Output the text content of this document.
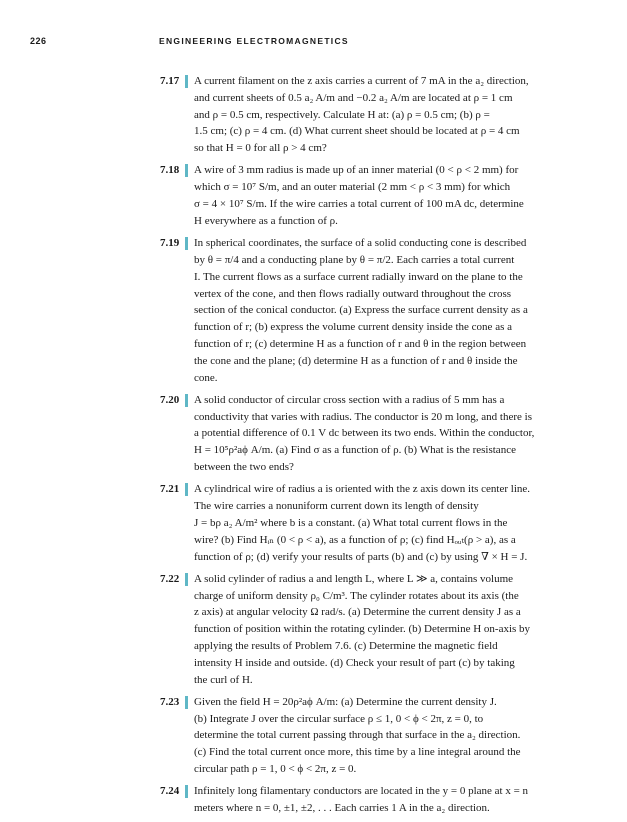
226	ENGINEERING ELECTROMAGNETICS
7.17 A current filament on the z axis carries a current of 7 mA in the a₂ direction,
and current sheets of 0.5 a₂ A/m and −0.2 a₂ A/m are located at ρ = 1 cm
and ρ = 0.5 cm, respectively. Calculate H at: (a) ρ = 0.5 cm; (b) ρ =
1.5 cm; (c) ρ = 4 cm. (d) What current sheet should be located at ρ = 4 cm
so that H = 0 for all ρ > 4 cm?
7.18 A wire of 3 mm radius is made up of an inner material (0 < ρ < 2 mm) for
which σ = 10⁷ S/m, and an outer material (2 mm < ρ < 3 mm) for which
σ = 4 × 10⁷ S/m. If the wire carries a total current of 100 mA dc, determine
H everywhere as a function of ρ.
7.19 In spherical coordinates, the surface of a solid conducting cone is described
by θ = π/4 and a conducting plane by θ = π/2. Each carries a total current
I. The current flows as a surface current radially inward on the plane to the
vertex of the cone, and then flows radially outward throughout the cross
section of the conical conductor. (a) Express the surface current density as a
function of r; (b) express the volume current density inside the cone as a
function of r; (c) determine H as a function of r and θ in the region between
the cone and the plane; (d) determine H as a function of r and θ inside the
cone.
7.20 A solid conductor of circular cross section with a radius of 5 mm has a
conductivity that varies with radius. The conductor is 20 m long, and there is
a potential difference of 0.1 V dc between its two ends. Within the conductor,
H = 10⁵ρ²aϕ A/m. (a) Find σ as a function of ρ. (b) What is the resistance
between the two ends?
7.21 A cylindrical wire of radius a is oriented with the z axis down its center line.
The wire carries a nonuniform current down its length of density
J = bρ a₂ A/m² where b is a constant. (a) What total current flows in the
wire? (b) Find Hᵢₙ (0 < ρ < a), as a function of ρ; (c) find Hₒᵤₜ(ρ > a), as a
function of ρ; (d) verify your results of parts (b) and (c) by using ∇ × H = J.
7.22 A solid cylinder of radius a and length L, where L ≫ a, contains volume
charge of uniform density ρ₀ C/m³. The cylinder rotates about its axis (the
z axis) at angular velocity Ω rad/s. (a) Determine the current density J as a
function of position within the rotating cylinder. (b) Determine H on-axis by
applying the results of Problem 7.6. (c) Determine the magnetic field
intensity H inside and outside. (d) Check your result of part (c) by taking
the curl of H.
7.23 Given the field H = 20ρ²aϕ A/m: (a) Determine the current density J.
(b) Integrate J over the circular surface ρ ≤ 1, 0 < ϕ < 2π, z = 0, to
determine the total current passing through that surface in the a₂ direction.
(c) Find the total current once more, this time by a line integral around the
circular path ρ = 1, 0 < ϕ < 2π, z = 0.
7.24 Infinitely long filamentary conductors are located in the y = 0 plane at x = n
meters where n = 0, ±1, ±2, . . . Each carries 1 A in the a₂ direction.
